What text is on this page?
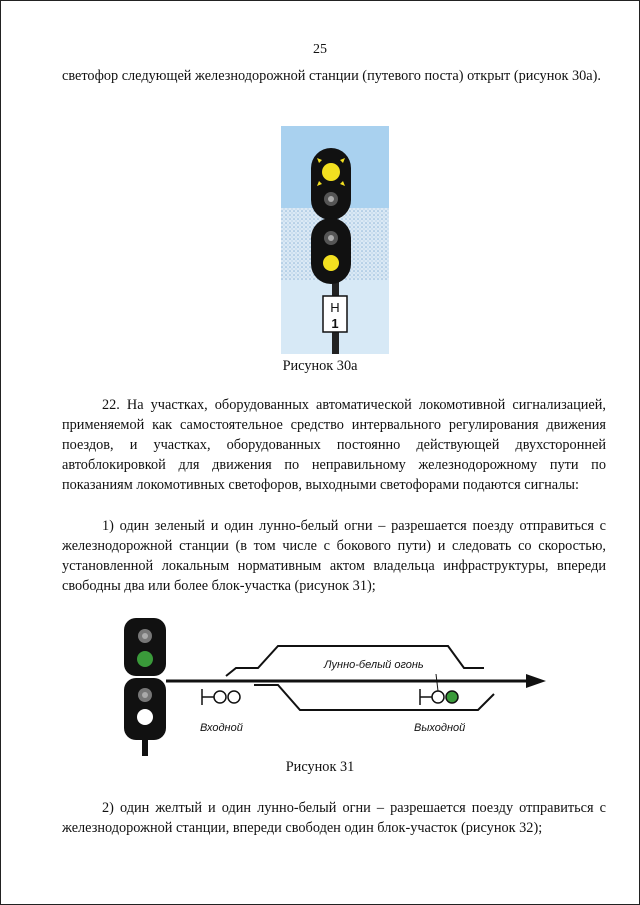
25
светофор следующей железнодорожной станции (путевого поста) открыт (рисунок 30а).
Н
1
Рисунок 30а
22. На участках, оборудованных автоматической локомотивной сигнализацией, применяемой как самостоятельное средство интервального регулирования движения поездов, и участках, оборудованных постоянно действующей двухсторонней автоблокировкой для движения по неправильному железнодорожному пути по показаниям локомотивных светофоров, выходными светофорами подаются сигналы:
1) один зеленый и один лунно-белый огни – разрешается поезду отправиться с железнодорожной станции (в том числе с бокового пути) и следовать со скоростью, установленной локальным нормативным актом владельца инфраструктуры, впереди свободны два или более блок-участка (рисунок 31);
Лунно-белый огонь
Входной	Выходной
Рисунок 31
2) один желтый и один лунно-белый огни – разрешается поезду отправиться с железнодорожной станции, впереди свободен один блок-участок (рисунок 32);
